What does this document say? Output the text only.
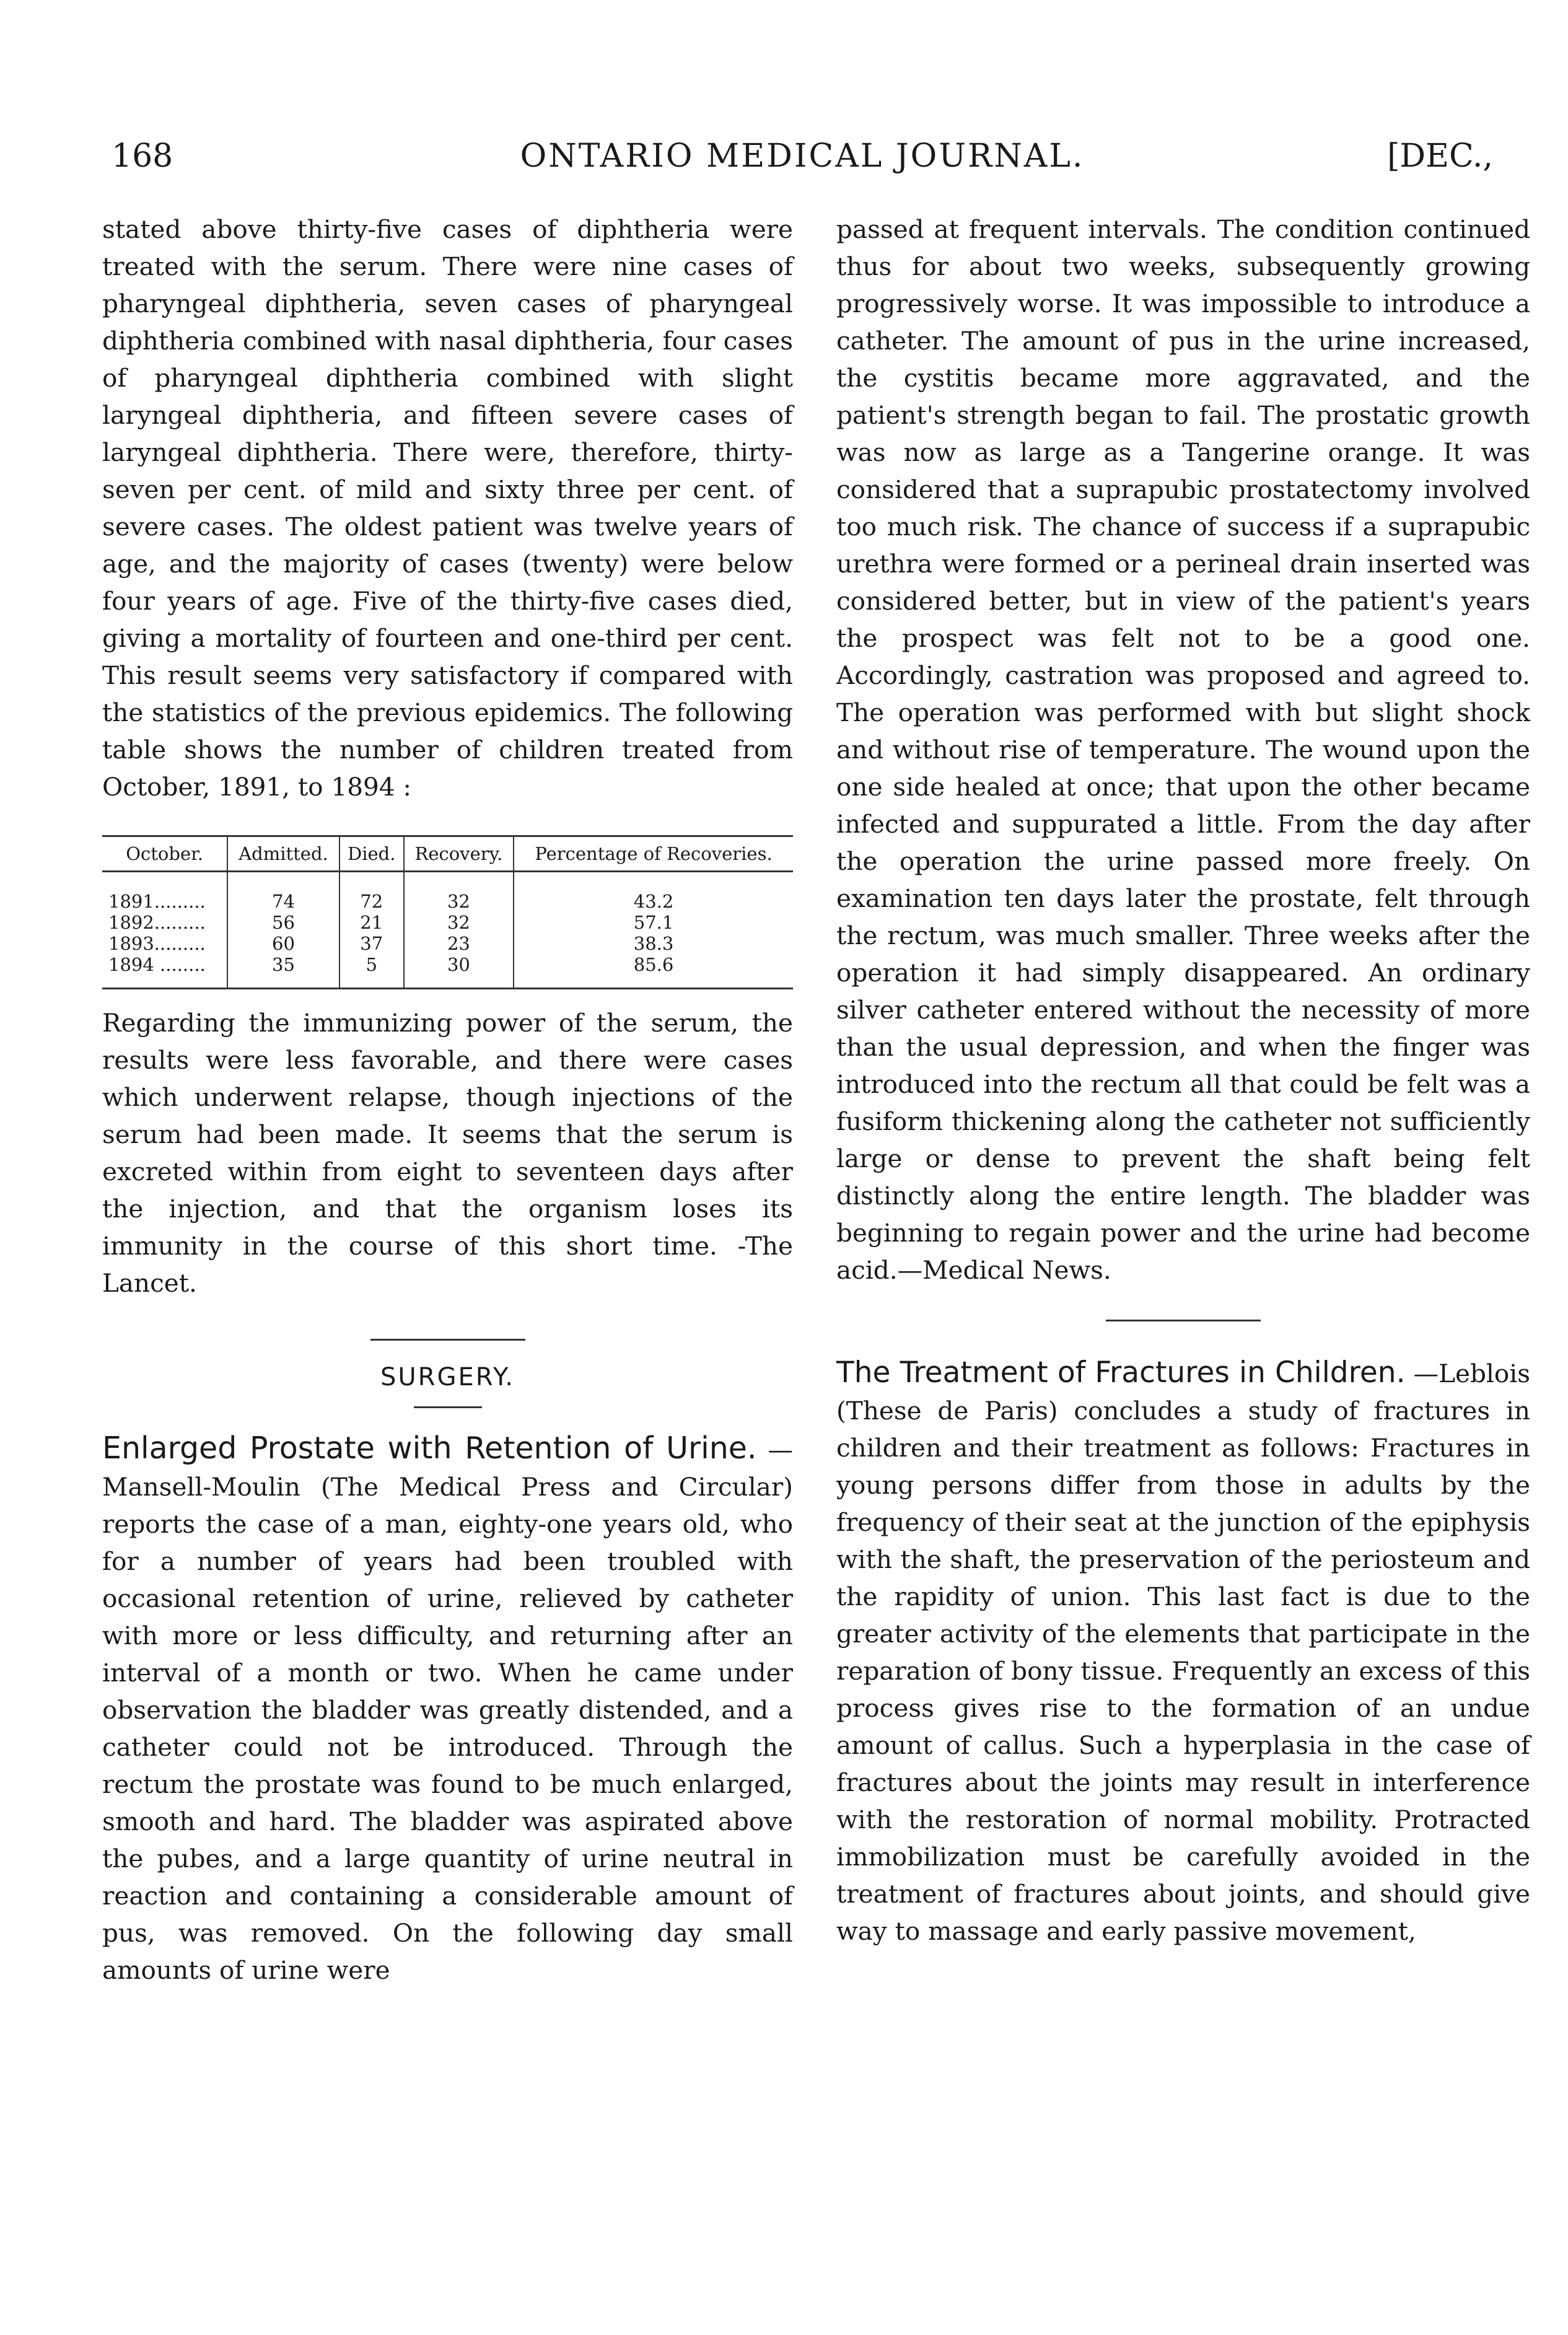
168	ONTARIO MEDICAL JOURNAL.	[DEC.,

stated above thirty-five cases of diphtheria were treated with the serum. There were nine cases of pharyngeal diphtheria, seven cases of pharyngeal diphtheria combined with nasal diphtheria, four cases of pharyngeal diphtheria combined with slight laryngeal diphtheria, and fifteen severe cases of laryngeal diphtheria. There were, therefore, thirty-seven per cent. of mild and sixty three per cent. of severe cases. The oldest patient was twelve years of age, and the majority of cases (twenty) were below four years of age. Five of the thirty-five cases died, giving a mortality of fourteen and one-third per cent. This result seems very satisfactory if compared with the statistics of the previous epidemics. The following table shows the number of children treated from October, 1891, to 1894 :

October.	Admitted.	Died.	Recovery.	Percentage of Recoveries.
1891.........	74	72	32	43.2
1892.........	56	21	32	57.1
1893.........	60	37	23	38.3
1894 ........	35	5	30	85.6

Regarding the immunizing power of the serum, the results were less favorable, and there were cases which underwent relapse, though injections of the serum had been made. It seems that the serum is excreted within from eight to seventeen days after the injection, and that the organism loses its immunity in the course of this short time. -The Lancet.

SURGERY.

Enlarged Prostate with Retention of Urine. — Mansell-Moulin (The Medical Press and Circular) reports the case of a man, eighty-one years old, who for a number of years had been troubled with occasional retention of urine, relieved by catheter with more or less difficulty, and returning after an interval of a month or two. When he came under observation the bladder was greatly distended, and a catheter could not be introduced. Through the rectum the prostate was found to be much enlarged, smooth and hard. The bladder was aspirated above the pubes, and a large quantity of urine neutral in reaction and containing a considerable amount of pus, was removed. On the following day small amounts of urine were

passed at frequent intervals. The condition continued thus for about two weeks, subsequently growing progressively worse. It was impossible to introduce a catheter. The amount of pus in the urine increased, the cystitis became more aggravated, and the patient's strength began to fail. The prostatic growth was now as large as a Tangerine orange. It was considered that a suprapubic prostatectomy involved too much risk. The chance of success if a suprapubic urethra were formed or a perineal drain inserted was considered better, but in view of the patient's years the prospect was felt not to be a good one. Accordingly, castration was proposed and agreed to. The operation was performed with but slight shock and without rise of temperature. The wound upon the one side healed at once; that upon the other became infected and suppurated a little. From the day after the operation the urine passed more freely. On examination ten days later the prostate, felt through the rectum, was much smaller. Three weeks after the operation it had simply disappeared. An ordinary silver catheter entered without the necessity of more than the usual depression, and when the finger was introduced into the rectum all that could be felt was a fusiform thickening along the catheter not sufficiently large or dense to prevent the shaft being felt distinctly along the entire length. The bladder was beginning to regain power and the urine had become acid.—Medical News.

The Treatment of Fractures in Children. —Leblois (These de Paris) concludes a study of fractures in children and their treatment as follows: Fractures in young persons differ from those in adults by the frequency of their seat at the junction of the epiphysis with the shaft, the preservation of the periosteum and the rapidity of union. This last fact is due to the greater activity of the elements that participate in the reparation of bony tissue. Frequently an excess of this process gives rise to the formation of an undue amount of callus. Such a hyperplasia in the case of fractures about the joints may result in interference with the restoration of normal mobility. Protracted immobilization must be carefully avoided in the treatment of fractures about joints, and should give way to massage and early passive movement,
